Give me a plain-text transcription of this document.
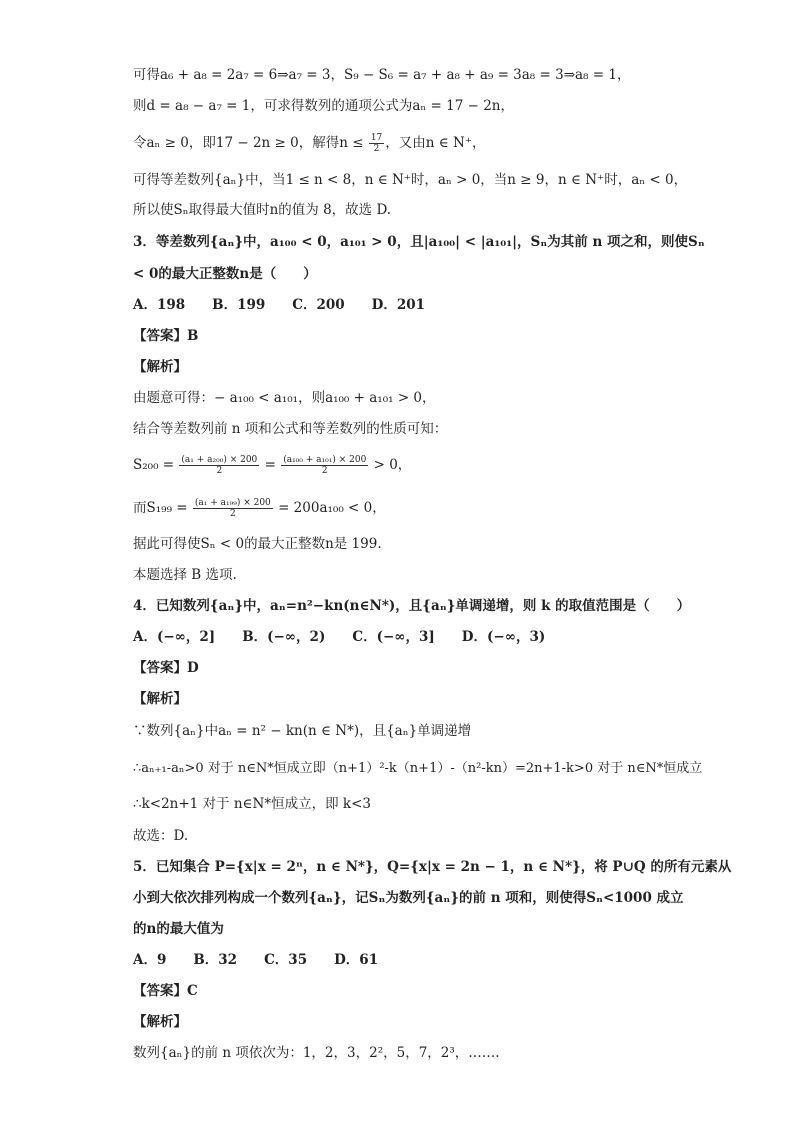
可得a₆ + a₈ = 2a₇ = 6⇒a₇ = 3，S₉ − S₆ = a₇ + a₈ + a₉ = 3a₈ = 3⇒a₈ = 1，
则d = a₈ − a₇ = 1，可求得数列的通项公式为aₙ = 17 − 2n，
令aₙ ≥ 0，即17 − 2n ≥ 0，解得$n \le \frac{17}{2}$ ，又由n ∈ N⁺，
可得等差数列{aₙ}中，当1 ≤ n < 8，n ∈ N⁺时，aₙ > 0，当n ≥ 9，n ∈ N⁺时，aₙ < 0，
所以使Sₙ取得最大值时n的值为 8，故选 D.
3．等差数列{aₙ}中，a₁₀₀ < 0，a₁₀₁ > 0，且|a₁₀₀| < |a₁₀₁|，Sₙ为其前 n 项之和，则使Sₙ
< 0的最大正整数n是（　　）
A．198　　B．199　　C．200　　D．201
【答案】B
【解析】
由题意可得：− a₁₀₀ < a₁₀₁，则a₁₀₀ + a₁₀₁ > 0，
结合等差数列前 n 项和公式和等差数列的性质可知：
$S_{200} = \frac{\text{(a₁ + a₂₀₀) × 200}}{2} = \frac{\text{(a₁₀₀ + a₁₀₁) × 200}}{2} > 0$，
而$S_{199} = \frac{\text{(a₁ + a₁₉₉) × 200}}{2} = 200a_{100} < 0$，
据此可得使Sₙ < 0的最大正整数n是 199.
本题选择 B 选项.
4．已知数列{aₙ}中，aₙ=n²−kn(n∈N*)，且{aₙ}单调递增，则 k 的取值范围是（　　）
A．(−∞，2]　　B．(−∞，2)　　C．(−∞，3]　　D．(−∞，3)
【答案】D
【解析】
∵数列{aₙ}中aₙ = n² − kn(n ∈ N*)，且{aₙ}单调递增
∴aₙ₊₁-aₙ>0 对于 n∈N*恒成立即（n+1）²-k（n+1）-（n²-kn）=2n+1-k>0 对于 n∈N*恒成立
∴k<2n+1 对于 n∈N*恒成立，即 k<3
故选：D.
5．已知集合 P={x|x = 2ⁿ，n ∈ N*}，Q={x|x = 2n − 1，n ∈ N*}，将 P∪Q 的所有元素从
小到大依次排列构成一个数列{aₙ}，记Sₙ为数列{aₙ}的前 n 项和，则使得Sₙ<1000 成立
的n的最大值为
A．9　　B．32　　C．35　　D．61
【答案】C
【解析】
数列{aₙ}的前 n 项依次为：1，2，3，2²，5，7，2³，…….
